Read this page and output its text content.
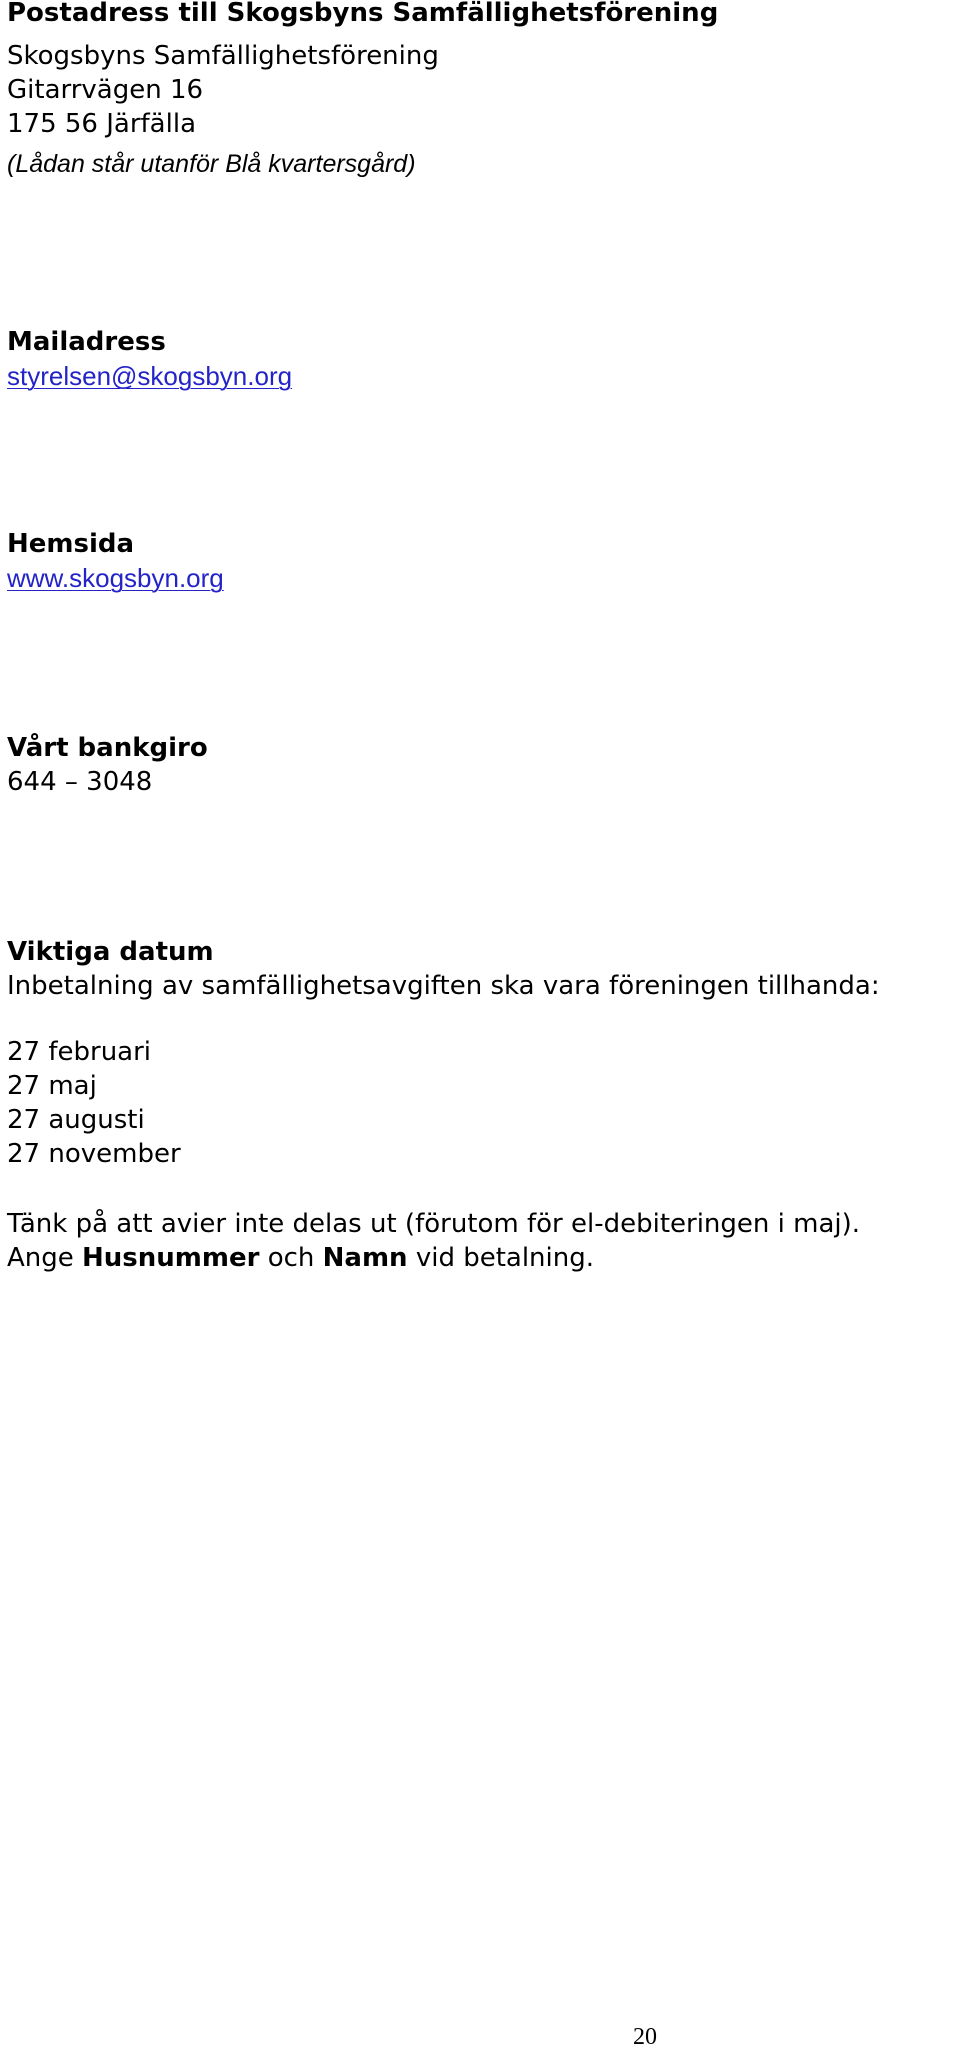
Postadress till Skogsbyns Samfällighetsförening
Skogsbyns Samfällighetsförening
Gitarrvägen 16
175 56 Järfälla
(Lådan står utanför Blå kvartersgård)
Mailadress
styrelsen@skogsbyn.org
Hemsida
www.skogsbyn.org
Vårt bankgiro
644 – 3048
Viktiga datum
Inbetalning av samfällighetsavgiften ska vara föreningen tillhanda:
27 februari
27 maj
27 augusti
27 november
Tänk på att avier inte delas ut (förutom för el-debiteringen i maj).
Ange Husnummer och Namn vid betalning.
20
